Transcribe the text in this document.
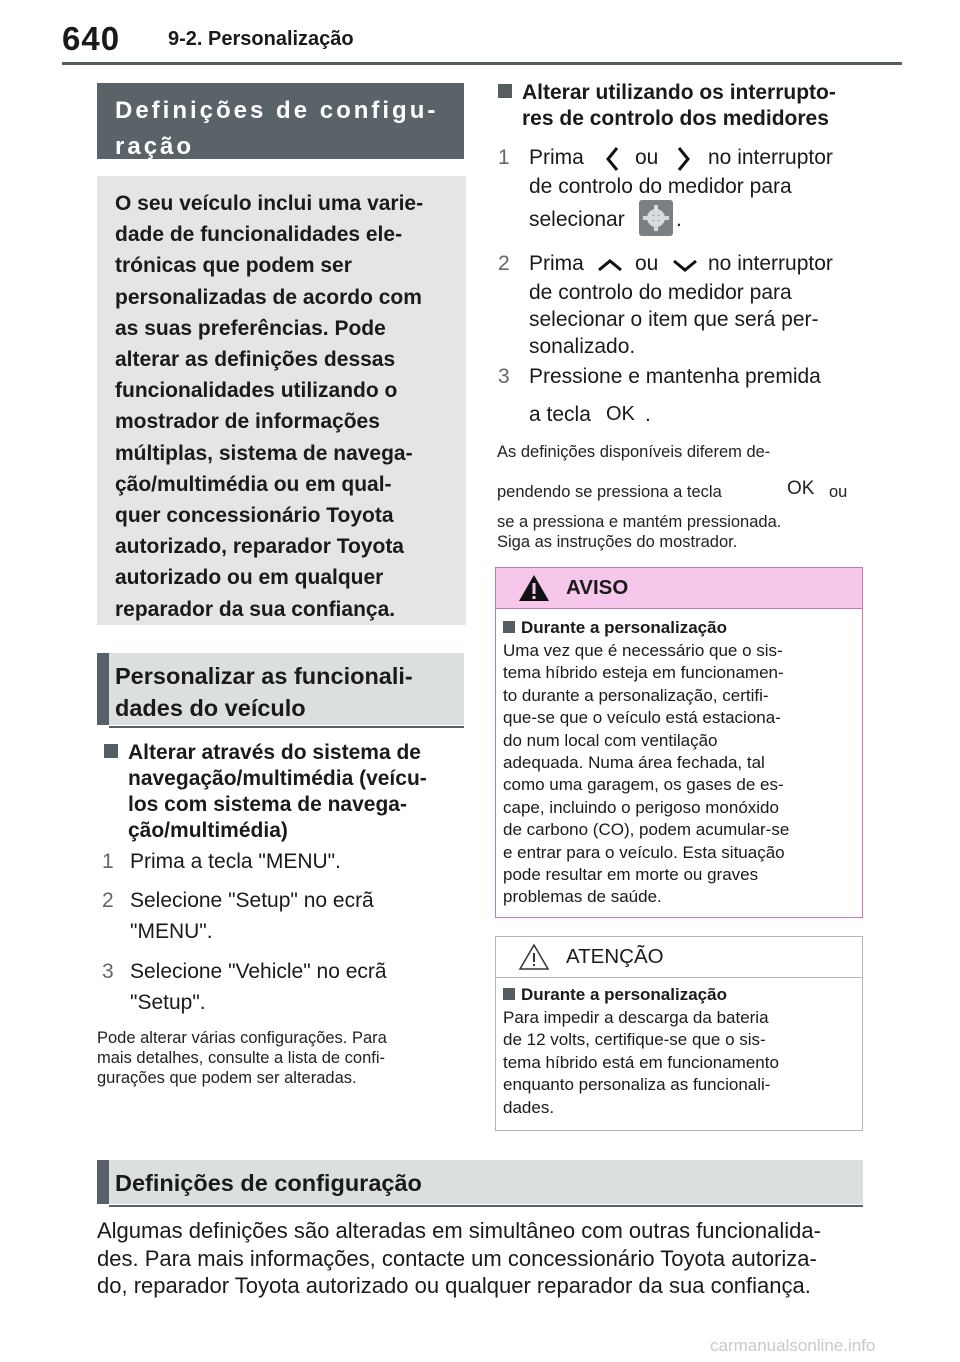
640 9-2. Personalização
Definições de configu-
ração
O seu veículo inclui uma varie-
dade de funcionalidades ele-
trónicas que podem ser
personalizadas de acordo com
as suas preferências. Pode
alterar as definições dessas
funcionalidades utilizando o
mostrador de informações
múltiplas, sistema de navega-
ção/multimédia ou em qual-
quer concessionário Toyota
autorizado, reparador Toyota
autorizado ou em qualquer
reparador da sua confiança.
Personalizar as funcionali-
dades do veículo
Alterar através do sistema de
navegação/multimédia (veícu-
los com sistema de navega-
ção/multimédia)
1 Prima a tecla "MENU".
2 Selecione "Setup" no ecrã
"MENU".
3 Selecione "Vehicle" no ecrã
"Setup".
Pode alterar várias configurações. Para
mais detalhes, consulte a lista de confi-
gurações que podem ser alteradas.
Alterar utilizando os interrupto-
res de controlo dos medidores
1 Prima ou no interruptor
de controlo do medidor para
selecionar .
2 Prima ou no interruptor
de controlo do medidor para
selecionar o item que será per-
sonalizado.
3 Pressione e mantenha premida
a tecla OK .
As definições disponíveis diferem de-
pendendo se pressiona a tecla	OK ou
se a pressiona e mantém pressionada.
Siga as instruções do mostrador.
AVISO
Durante a personalização
Uma vez que é necessário que o sis-
tema híbrido esteja em funcionamen-
to durante a personalização, certifi-
que-se que o veículo está estaciona-
do num local com ventilação
adequada. Numa área fechada, tal
como uma garagem, os gases de es-
cape, incluindo o perigoso monóxido
de carbono (CO), podem acumular-se
e entrar para o veículo. Esta situação
pode resultar em morte ou graves
problemas de saúde.
ATENÇÃO
Durante a personalização
Para impedir a descarga da bateria
de 12 volts, certifique-se que o sis-
tema híbrido está em funcionamento
enquanto personaliza as funcionali-
dades.
Definições de configuração
Algumas definições são alteradas em simultâneo com outras funcionalida-
des. Para mais informações, contacte um concessionário Toyota autoriza-
do, reparador Toyota autorizado ou qualquer reparador da sua confiança.
carmanualsonline.info
